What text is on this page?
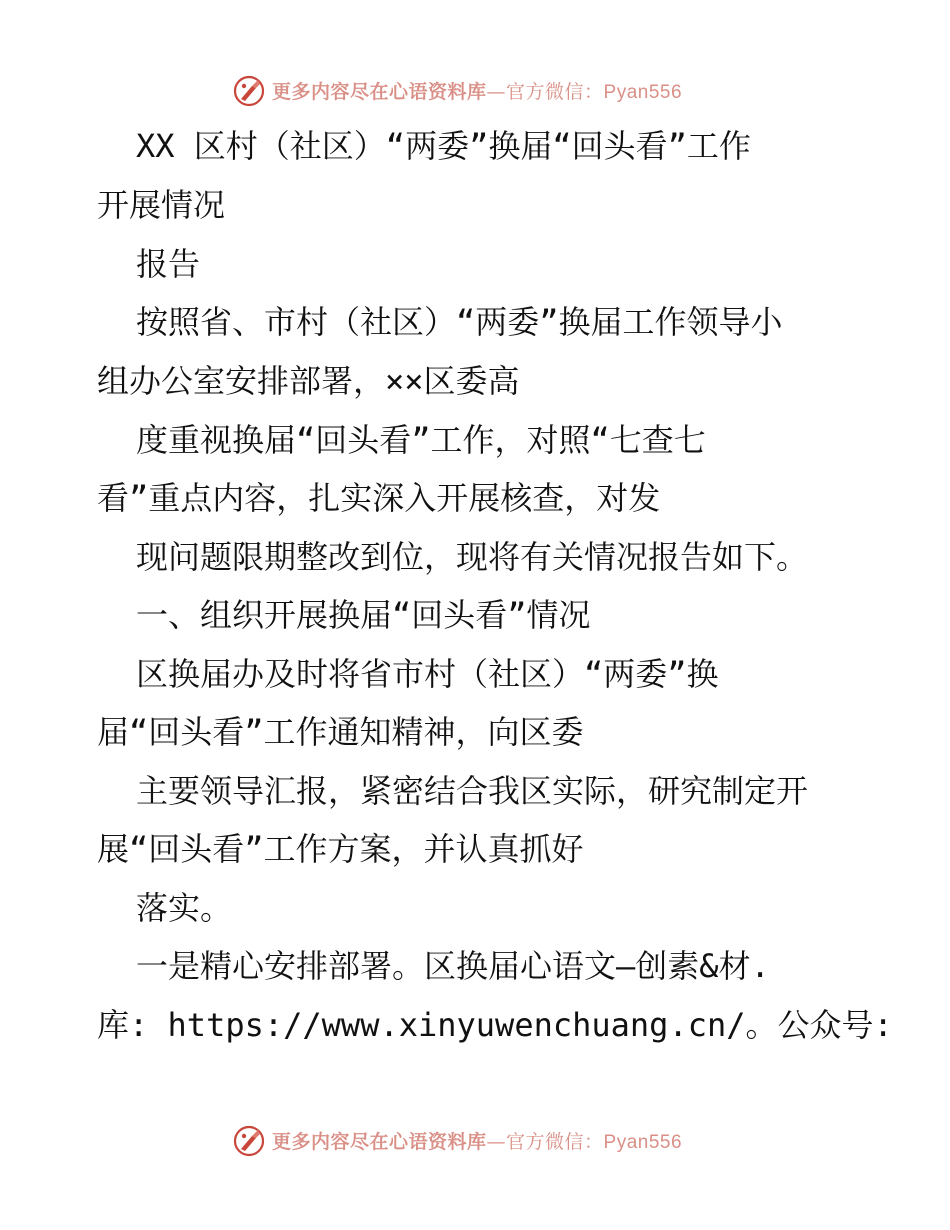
更多内容尽在心语资料库—官方微信：Pyan556
XX 区村（社区）“两委”换届“回头看”工作
开展情况
报告
按照省、市村（社区）“两委”换届工作领导小
组办公室安排部署，××区委高
度重视换届“回头看”工作，对照“七查七
看”重点内容，扎实深入开展核查，对发
现问题限期整改到位，现将有关情况报告如下。
一、组织开展换届“回头看”情况
区换届办及时将省市村（社区）“两委”换
届“回头看”工作通知精神，向区委
主要领导汇报，紧密结合我区实际，研究制定开
展“回头看”工作方案，并认真抓好
落实。
一是精心安排部署。区换届心语文—创素&材.
库: https://www.xinyuwenchuang.cn/。公众号:
更多内容尽在心语资料库—官方微信：Pyan556
